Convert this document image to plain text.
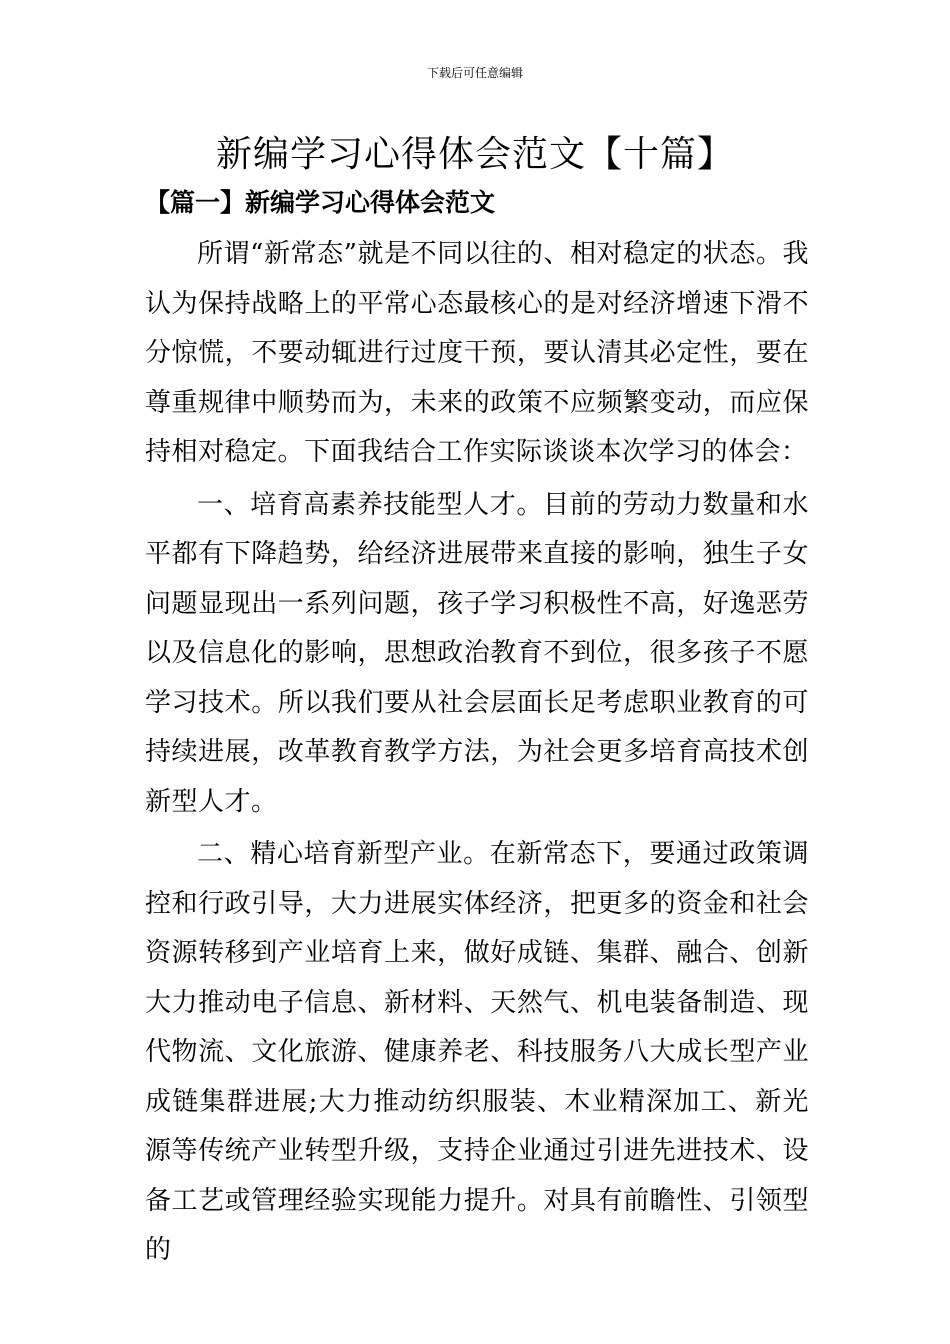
下载后可任意编辑
新编学习心得体会范文【十篇】
【篇一】新编学习心得体会范文

所谓“新常态”就是不同以往的、相对稳定的状态。我认为保持战略上的平常心态最核心的是对经济增速下滑不分惊慌，不要动辄进行过度干预，要认清其必定性，要在尊重规律中顺势而为，未来的政策不应频繁变动，而应保持相对稳定。下面我结合工作实际谈谈本次学习的体会：

一、培育高素养技能型人才。目前的劳动力数量和水平都有下降趋势，给经济进展带来直接的影响，独生子女问题显现出一系列问题，孩子学习积极性不高，好逸恶劳以及信息化的影响，思想政治教育不到位，很多孩子不愿学习技术。所以我们要从社会层面长足考虑职业教育的可持续进展，改革教育教学方法，为社会更多培育高技术创新型人才。

二、精心培育新型产业。在新常态下，要通过政策调控和行政引导，大力进展实体经济，把更多的资金和社会资源转移到产业培育上来，做好成链、集群、融合、创新大力推动电子信息、新材料、天然气、机电装备制造、现代物流、文化旅游、健康养老、科技服务八大成长型产业成链集群进展;大力推动纺织服装、木业精深加工、新光源等传统产业转型升级，支持企业通过引进先进技术、设备工艺或管理经验实现能力提升。对具有前瞻性、引领型的
